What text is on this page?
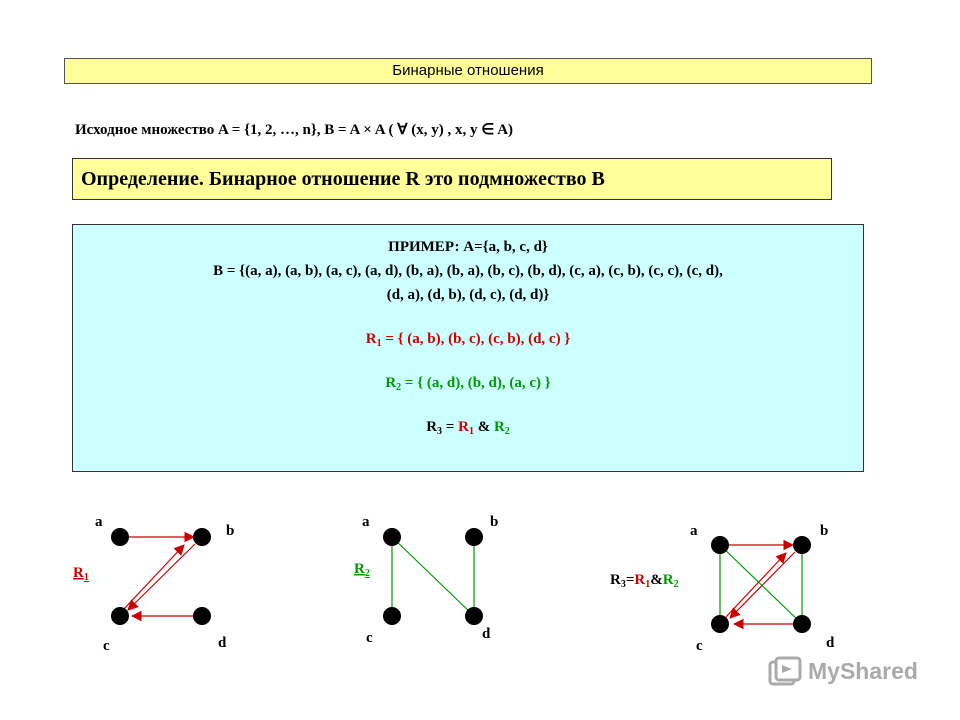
Бинарные отношения
Исходное множество A = {1, 2, …, n}, B = A × A ( ∀ (x, y) , x, y ∈ A)
Определение. Бинарное отношение R это подмножество B
ПРИМЕР: A={a, b, c, d}
B = {(a, a), (a, b), (a, c), (a, d), (b, a), (b, a), (b, c), (b, d), (c, a), (c, b), (c, c), (c, d),
(d, a), (d, b), (d, c), (d, d)}
$R_1$ = { (a, b), (b, c), (c, b), (d, c) }
$R_2$ = { (a, d), (b, d), (a, c) }
$R_3 = R_1$ & $R_2$
a
b
c	d
$R_1$
a	b
c	d
$R_2$
a	b
c	d
$R_3=R_1\&R_2$
MyShared
